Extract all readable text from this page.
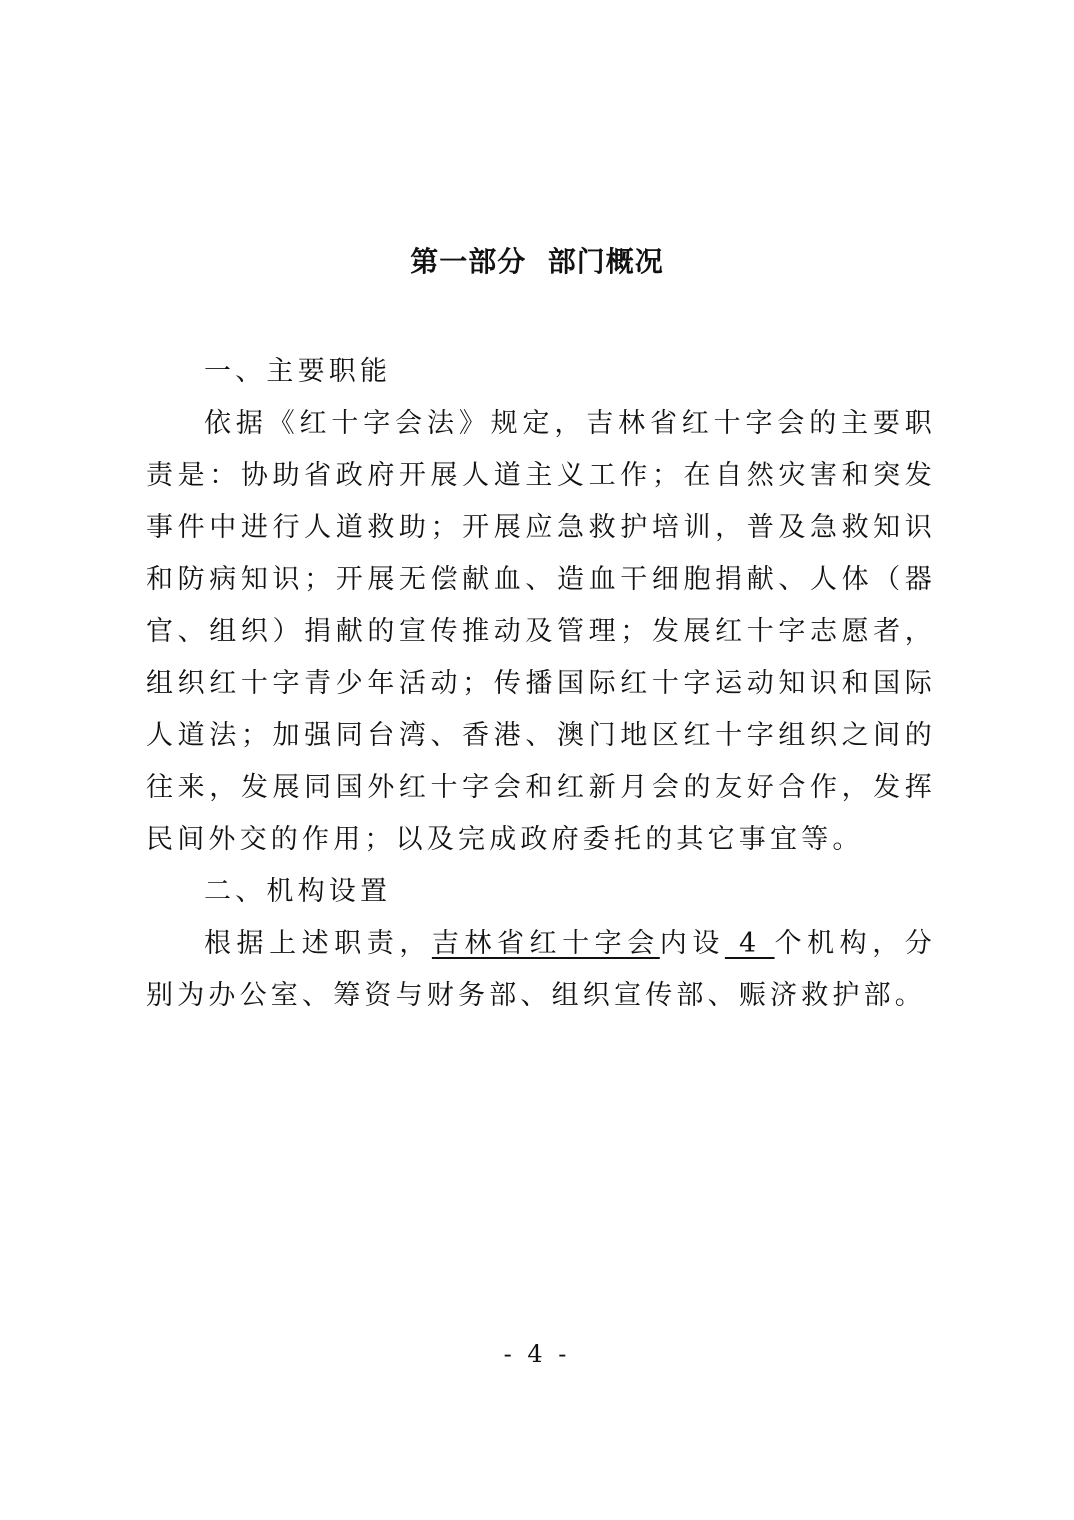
第一部分  部门概况
一、主要职能
依据《红十字会法》规定，吉林省红十字会的主要职责是：协助省政府开展人道主义工作；在自然灾害和突发事件中进行人道救助；开展应急救护培训，普及急救知识和防病知识；开展无偿献血、造血干细胞捐献、人体（器官、组织）捐献的宣传推动及管理；发展红十字志愿者，组织红十字青少年活动；传播国际红十字运动知识和国际人道法；加强同台湾、香港、澳门地区红十字组织之间的往来，发展同国外红十字会和红新月会的友好合作，发挥民间外交的作用；以及完成政府委托的其它事宜等。
二、机构设置
根据上述职责，吉林省红十字会内设 4 个机构，分别为办公室、筹资与财务部、组织宣传部、赈济救护部。
- 4 -
